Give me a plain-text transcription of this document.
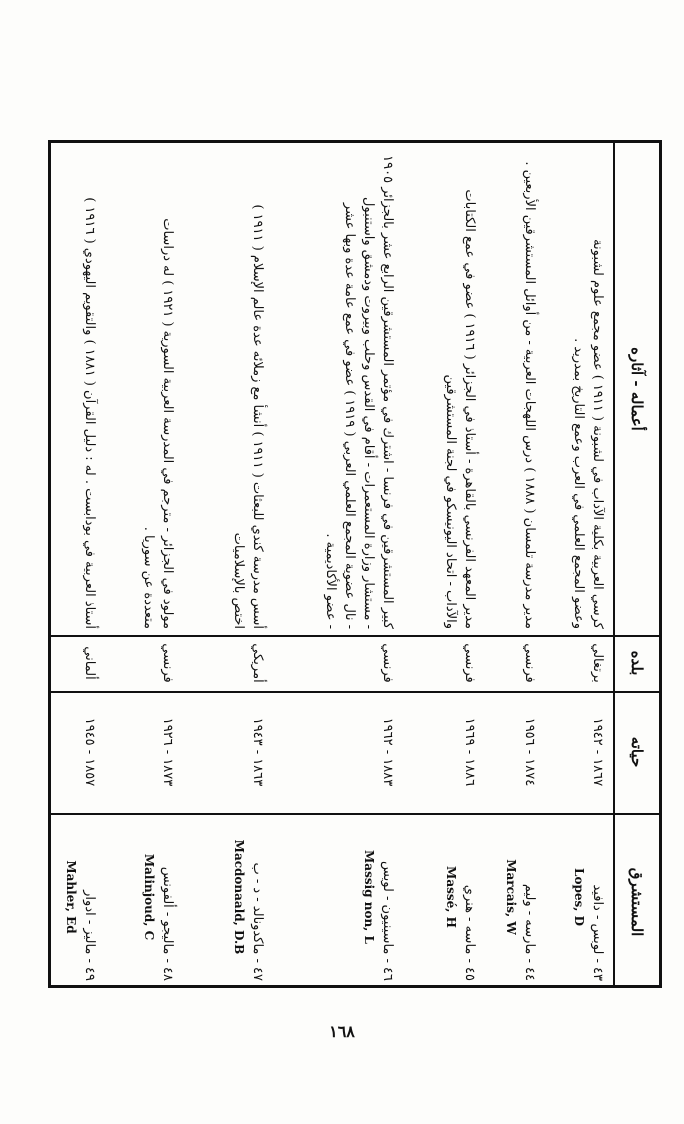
المستشرق
حياته
بلده
أعماله - آثاره
٤٣ - لوبس - دافيد
Lopes, D
١٨٦٧ - ١٩٤٢
برتغالي
كرسي العربية بكلية الآداب في لشبونة ( ١٩١١ ) عضو مجمع علوم لشبونة
وعضو المجمع العلمي في العرب وعمع التاريخ بمدريد .
٤٤ - مارسه - وليم
Marcais, W
١٨٧٤ - ١٩٥٦
فرنسي
مدير مدرسة تلمسان ( ١٨٨٨ ) درس اللهجات العربية - من أوائل المستشرقين الأربعين .
٤٥ - ماسه - هنري
Massé, H
١٨٨٦ - ١٩٦٩
فرنسي
مدير المعهد الفرنسي بالقاهرة - أستاذ في الجزائر ( ١٩١٦ ) عضو في عمع الكتابات
والآداب - اتحاد اليونيسكو في لجنة المستشرقين
٤٦ - ماسينيون - لويس
Massig non, L
١٨٨٣ - ١٩٦٢
فرنسي
كبير المستشرقين في فرنسا - اشترك في مؤتمر المستشرقين الرابع عشر بالجزائر ١٩٠٥
- مستشار وزارة المستعمرات - أقام في القدس وحلب وبيروت ودمشق واستنبول
- نال عضوية المجمع العلمي العربي ( ١٩١٩ ) عضو في عمع عامة عدة وبها عشر
- عضو الأكاديمية .
٤٧ - ماكدونالد - د - ب
Macdonaald, D.B
١٨٦٣ - ١٩٤٣
أمريكي
أسس مدرسة كندي للبعثات ( ١٩١١ ) أنشأ مع زملائه عدة عالم الإسلام ( ١٩١١ )
اختص بالإسلاميات
٤٨ - ماليجو - ألفونس
Malinjoud, C
١٨٧٣ - ١٩٢٦
فرنسي
مولود في الجزائر - مترجم في المدرسة العربية السورية ( ١٩٢١ ) له دراسات
متعددة عن سوريا .
٤٩ - ماليز - ادوار
Mahler, Ed
١٨٥٧ - ١٩٤٥
ألماني
أستاذ العربية في بودابست . له : دليل القرآن ( ١٨٨١ ) والتقويم اليهودي ( ١٩١٦ )
١٦٨
